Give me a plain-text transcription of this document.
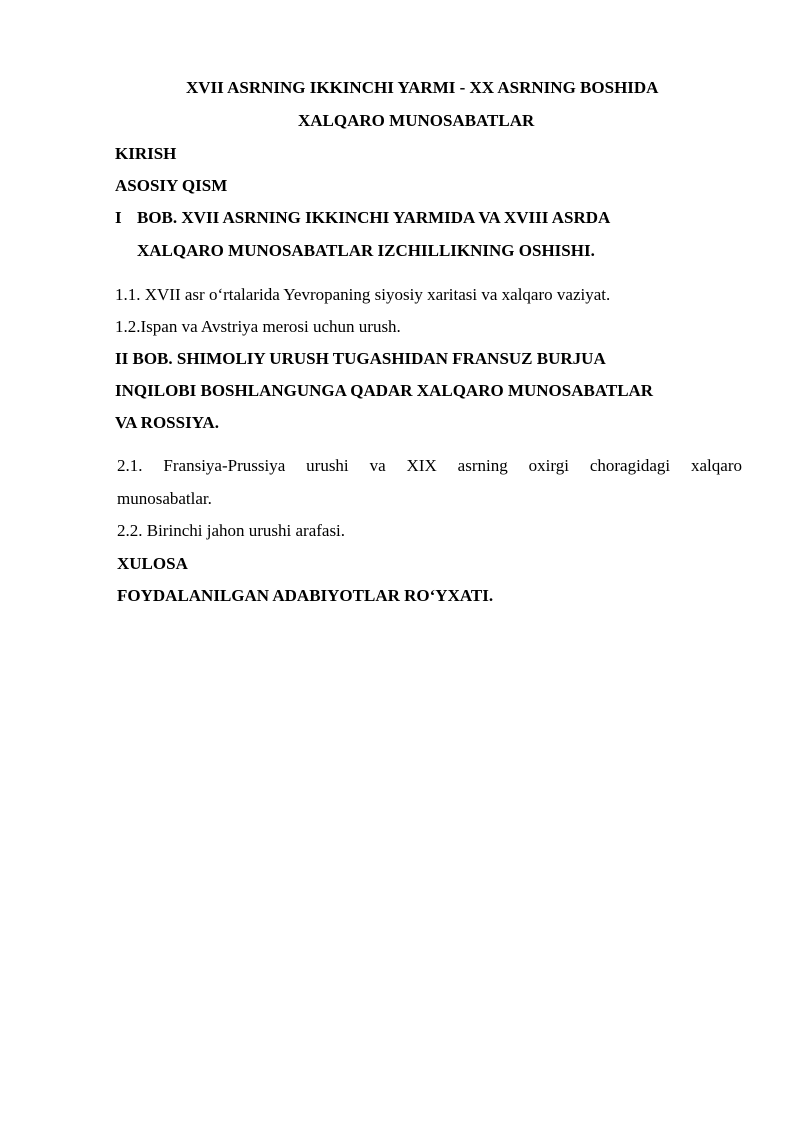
XVII ASRNING IKKINCHI YARMI - XX ASRNING BOSHIDA
XALQARO MUNOSABATLAR
KIRISH
ASOSIY QISM
I BOB. XVII ASRNING IKKINCHI YARMIDA VA XVIII ASRDA
XALQARO MUNOSABATLAR IZCHILLIKNING OSHISHI.
1.1. XVII asr o‘rtalarida Yevropaning siyosiy xaritasi va xalqaro vaziyat.
1.2.Ispan va Avstriya merosi uchun urush.
II BOB. SHIMOLIY URUSH TUGASHIDAN FRANSUZ BURJUA
INQILOBI BOSHLANGUNGA QADAR XALQARO MUNOSABATLAR
VA ROSSIYA.
2.1. Fransiya-Prussiya urushi va XIX asrning oxirgi choragidagi xalqaro
munosabatlar.
2.2. Birinchi jahon urushi arafasi.
XULOSA
FOYDALANILGAN ADABIYOTLAR RO‘YXATI.
